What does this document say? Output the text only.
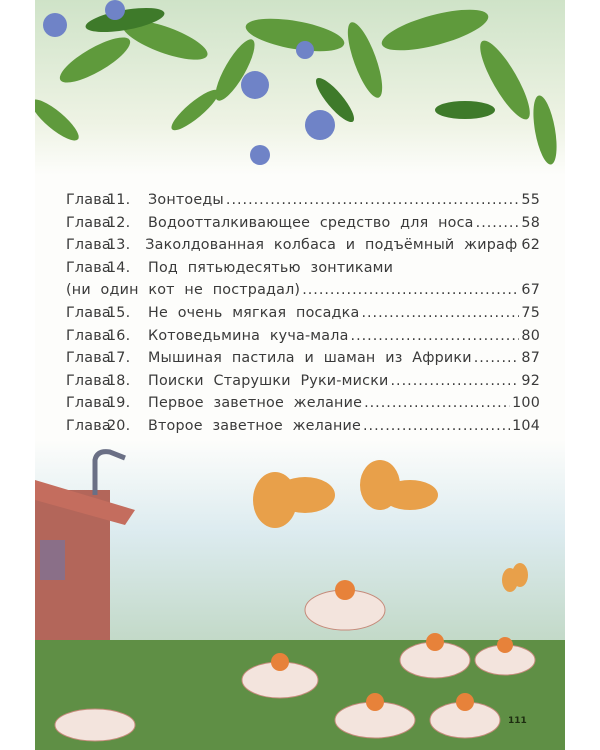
Глава
11.	Зонтоеды .....	55
Глава
12.	Водоотталкивающее средство для носа .....	58
Глава
13.	Заколдованная колбаса и подъёмный жираф 62
Глава
14.	Под пятьюдесятью зонтиками
(ни один кот не пострадал) .....	67
Глава
15.	Не очень мягкая посадка .....	75
Глава
16.	Котоведьмина куча-мала .....	80
Глава
17.	Мышиная пастила и шаман из Африки .....	87
Глава
18.	Поиски Старушки Руки-миски .....	92
Глава
19.	Первое заветное желание .....	100
Глава
20.	Второе заветное желание .....	104
111
